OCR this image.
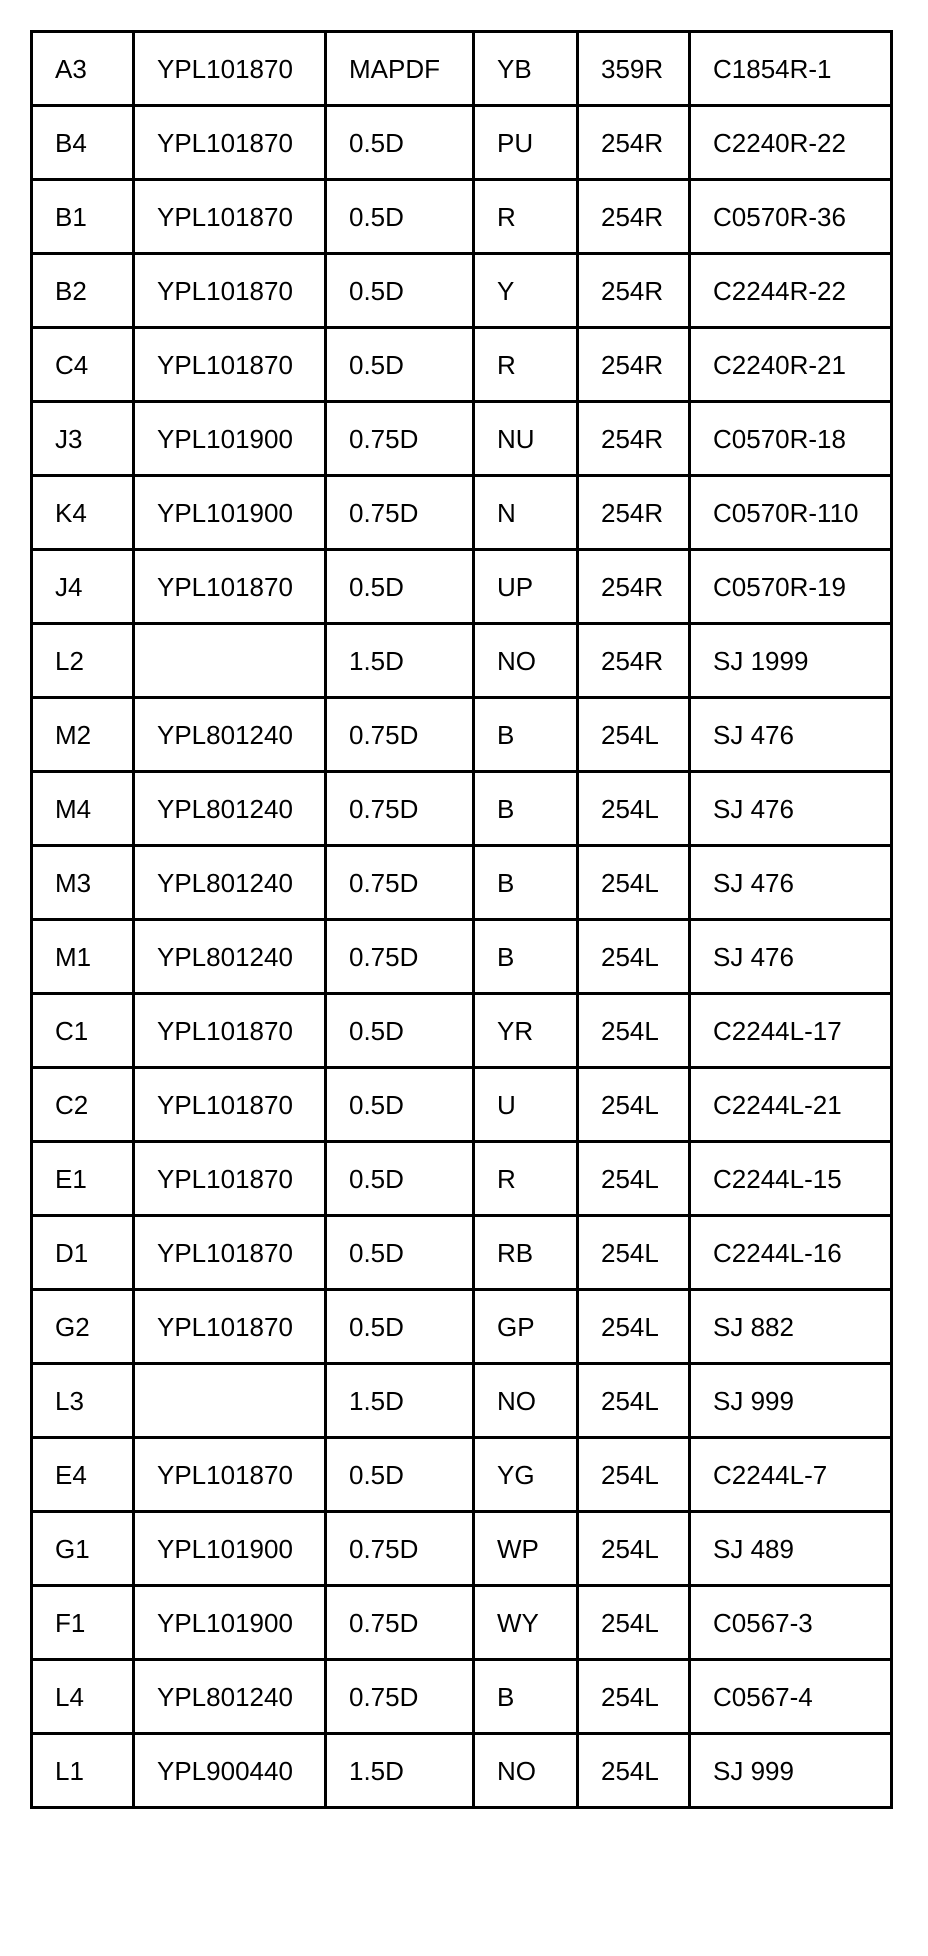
A3	YPL101870	MAPDF	YB	359R	C1854R-1
B4	YPL101870	0.5D	PU	254R	C2240R-22
B1	YPL101870	0.5D	R	254R	C0570R-36
B2	YPL101870	0.5D	Y	254R	C2244R-22
C4	YPL101870	0.5D	R	254R	C2240R-21
J3	YPL101900	0.75D	NU	254R	C0570R-18
K4	YPL101900	0.75D	N	254R	C0570R-110
J4	YPL101870	0.5D	UP	254R	C0570R-19
L2		1.5D	NO	254R	SJ 1999
M2	YPL801240	0.75D	B	254L	SJ 476
M4	YPL801240	0.75D	B	254L	SJ 476
M3	YPL801240	0.75D	B	254L	SJ 476
M1	YPL801240	0.75D	B	254L	SJ 476
C1	YPL101870	0.5D	YR	254L	C2244L-17
C2	YPL101870	0.5D	U	254L	C2244L-21
E1	YPL101870	0.5D	R	254L	C2244L-15
D1	YPL101870	0.5D	RB	254L	C2244L-16
G2	YPL101870	0.5D	GP	254L	SJ 882
L3		1.5D	NO	254L	SJ 999
E4	YPL101870	0.5D	YG	254L	C2244L-7
G1	YPL101900	0.75D	WP	254L	SJ 489
F1	YPL101900	0.75D	WY	254L	C0567-3
L4	YPL801240	0.75D	B	254L	C0567-4
L1	YPL900440	1.5D	NO	254L	SJ 999
